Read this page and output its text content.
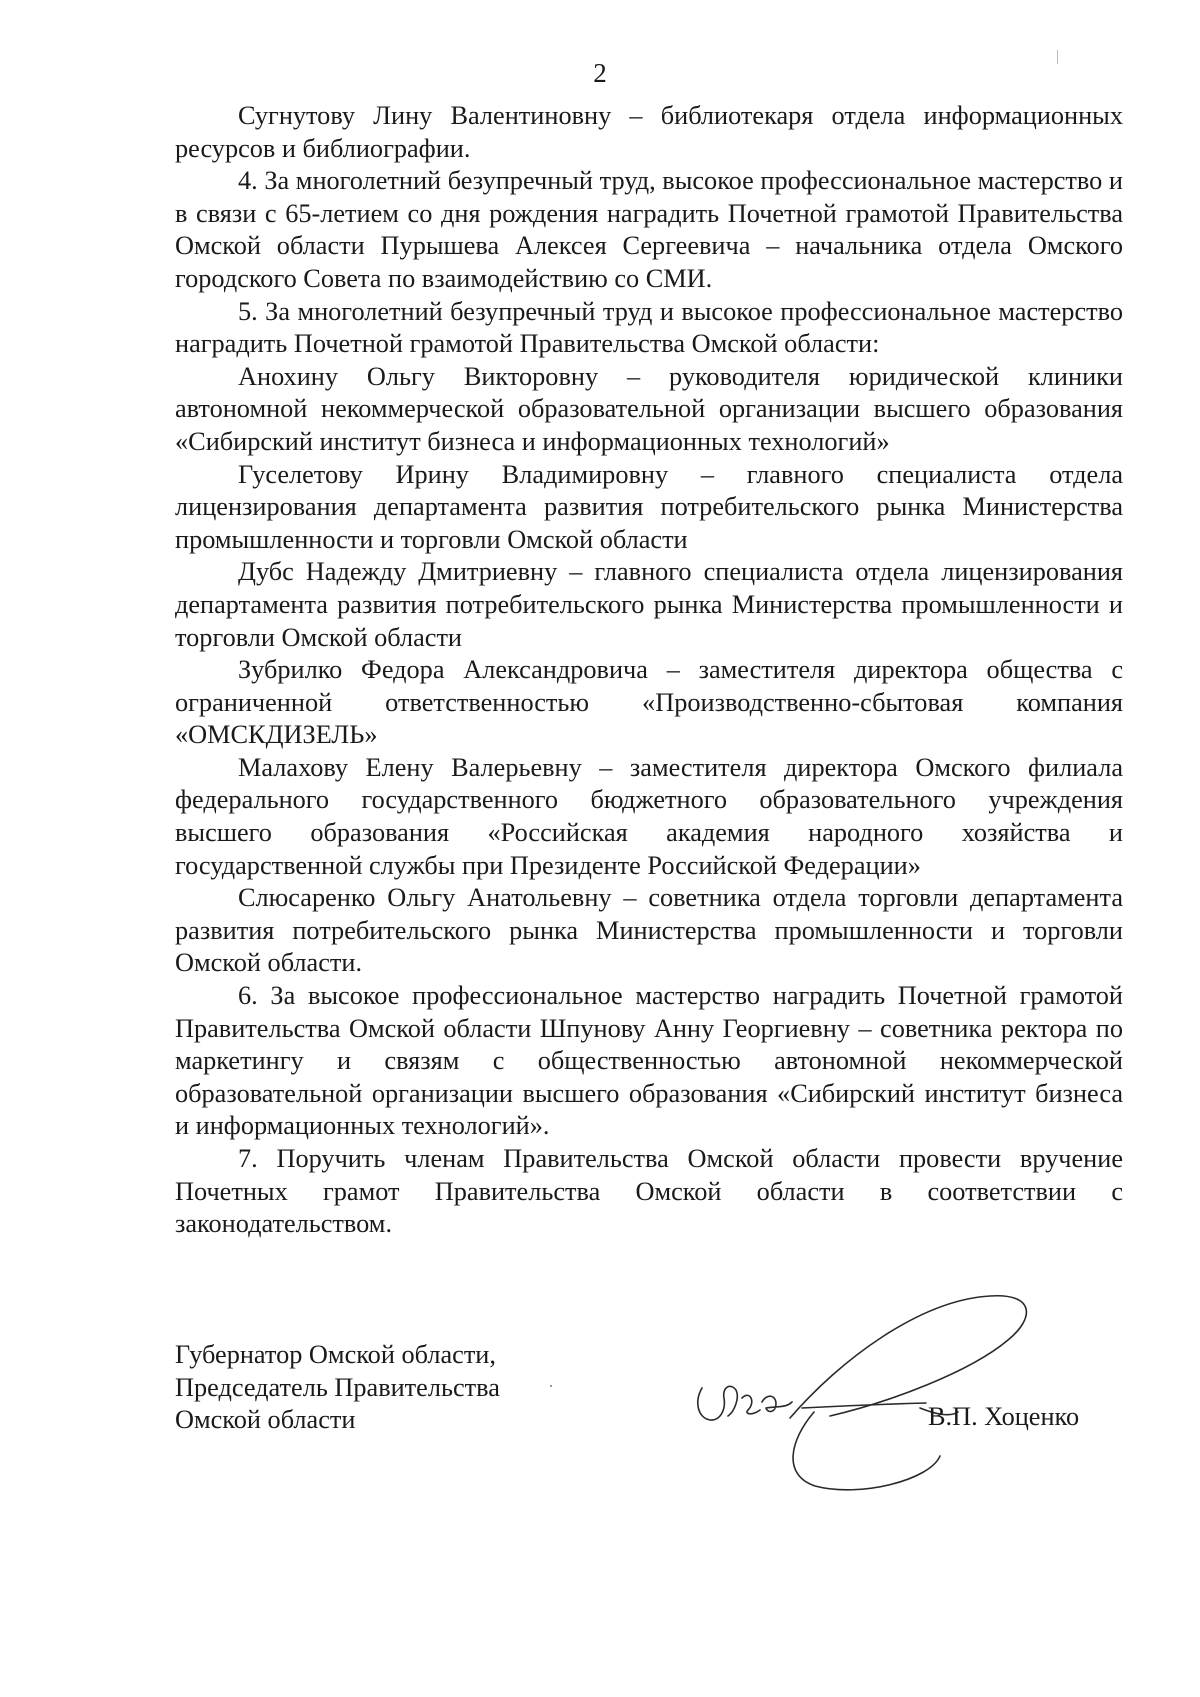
2

Сугнутову Лину Валентиновну – библиотекаря отдела информационных ресурсов и библиографии.

4. За многолетний безупречный труд, высокое профессиональное мастерство и в связи с 65-летием со дня рождения наградить Почетной грамотой Правительства Омской области Пурышева Алексея Сергеевича – начальника отдела Омского городского Совета по взаимодействию со СМИ.

5. За многолетний безупречный труд и высокое профессиональное мастерство наградить Почетной грамотой Правительства Омской области:

Анохину Ольгу Викторовну – руководителя юридической клиники автономной некоммерческой образовательной организации высшего образования «Сибирский институт бизнеса и информационных технологий»

Гуселетову Ирину Владимировну – главного специалиста отдела лицензирования департамента развития потребительского рынка Министерства промышленности и торговли Омской области

Дубс Надежду Дмитриевну – главного специалиста отдела лицензирования департамента развития потребительского рынка Министерства промышленности и торговли Омской области

Зубрилко Федора Александровича – заместителя директора общества с ограниченной ответственностью «Производственно-сбытовая компания «ОМСКДИЗЕЛЬ»

Малахову Елену Валерьевну – заместителя директора Омского филиала федерального государственного бюджетного образовательного учреждения высшего образования «Российская академия народного хозяйства и государственной службы при Президенте Российской Федерации»

Слюсаренко Ольгу Анатольевну – советника отдела торговли департамента развития потребительского рынка Министерства промышленности и торговли Омской области.

6. За высокое профессиональное мастерство наградить Почетной грамотой Правительства Омской области Шпунову Анну Георгиевну – советника ректора по маркетингу и связям с общественностью автономной некоммерческой образовательной организации высшего образования «Сибирский институт бизнеса и информационных технологий».

7. Поручить членам Правительства Омской области провести вручение Почетных грамот Правительства Омской области в соответствии с законодательством.

Губернатор Омской области,
Председатель Правительства
Омской области	В.П. Хоценко
